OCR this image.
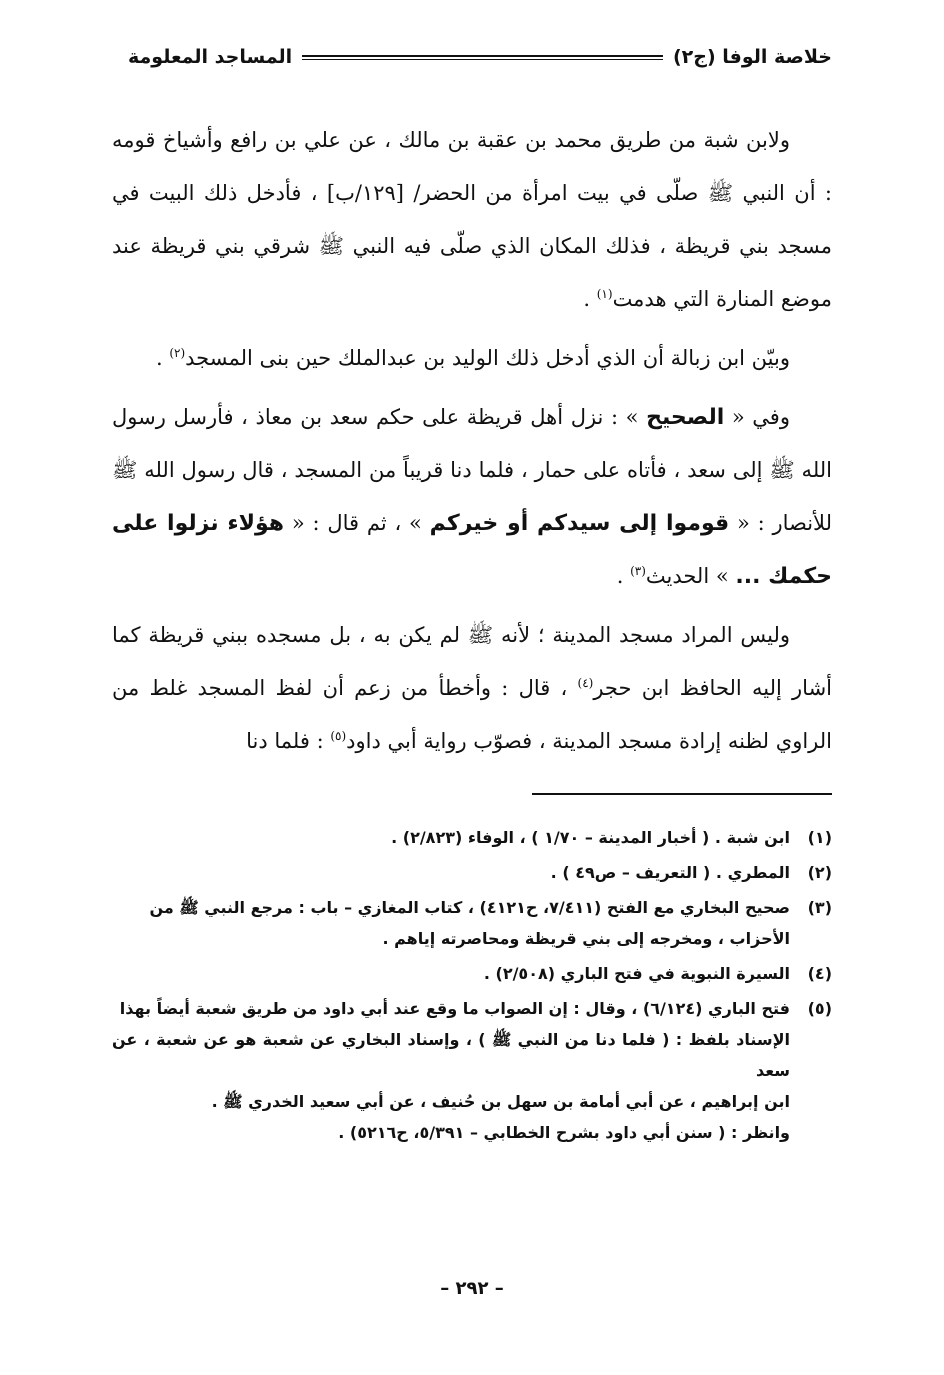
خلاصة الوفا (ج٢)
المساجد المعلومة

ولابن شبة من طريق محمد بن عقبة بن مالك ، عن علي بن رافع وأشياخ قومه : أن النبي ﷺ صلّى في بيت امرأة من الحضر/ [١٢٩/ب] ، فأدخل ذلك البيت في مسجد بني قريظة ، فذلك المكان الذي صلّى فيه النبي ﷺ شرقي بني قريظة عند موضع المنارة التي هدمت$^{(١)}$ .

وبيّن ابن زبالة أن الذي أدخل ذلك الوليد بن عبدالملك حين بنى المسجد$^{(٢)}$ .

وفي « الصحيح » : نزل أهل قريظة على حكم سعد بن معاذ ، فأرسل رسول الله ﷺ إلى سعد ، فأتاه على حمار ، فلما دنا قريباً من المسجد ، قال رسول الله ﷺ للأنصار : « قوموا إلى سيدكم أو خيركم » ، ثم قال : « هؤلاء نزلوا على حكمك ... » الحديث$^{(٣)}$ .

وليس المراد مسجد المدينة ؛ لأنه ﷺ لم يكن به ، بل مسجده ببني قريظة كما أشار إليه الحافظ ابن حجر$^{(٤)}$ ، قال : وأخطأ من زعم أن لفظ المسجد غلط من الراوي لظنه إرادة مسجد المدينة ، فصوّب رواية أبي داود$^{(٥)}$ : فلما دنا

(١)
ابن شبة . ( أخبار المدينة – ١/٧٠ ) ، الوفاء (٢/٨٢٣) .
(٢)
المطري . ( التعريف – ص٤٩ ) .
(٣)
صحيح البخاري مع الفتح (٧/٤١١، ح٤١٢١) ، كتاب المغازي – باب : مرجع النبي ﷺ من
الأحزاب ، ومخرجه إلى بني قريظة ومحاصرته إياهم .
(٤)
السيرة النبوية في فتح الباري (٢/٥٠٨) .
(٥)
فتح الباري (٦/١٢٤) ، وقال : إن الصواب ما وقع عند أبي داود من طريق شعبة أيضاً بهذا
الإسناد بلفظ : ( فلما دنا من النبي ﷺ ) ، وإسناد البخاري عن شعبة هو عن شعبة ، عن سعد
ابن إبراهيم ، عن أبي أمامة بن سهل بن حُنيف ، عن أبي سعيد الخدري ﷺ .
وانظر : ( سنن أبي داود بشرح الخطابي – ٥/٣٩١، ح٥٢١٦) .
– ٢٩٢ –
